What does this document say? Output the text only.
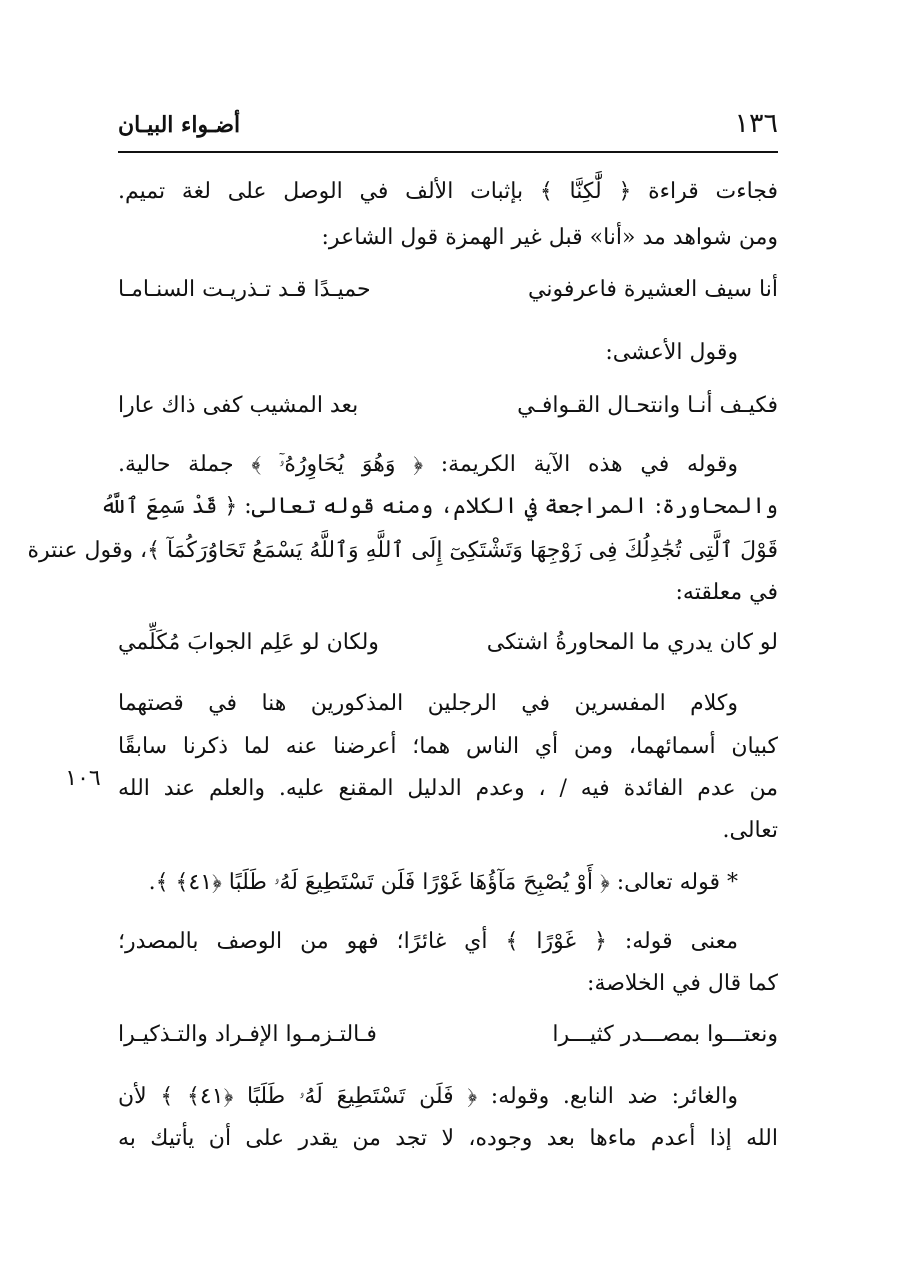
١٣٦
أضـواء البيـان
١٠٦
فجاءت قراءة ﴿ لَّٰكِنَّا ﴾ بإثبات الألف في الوصل على لغة تميم.
ومن شواهد مد «أنا» قبل غير الهمزة قول الشاعر:
أنا سيف العشيرة فاعرفوني
حميـدًا قـد تـذريـت السنـامـا
وقول الأعشى:
فكيـف أنـا وانتحـال القـوافـي
بعد المشيب كفى ذاك عارا
وقوله في هذه الآية الكريمة: ﴿ وَهُوَ يُحَاوِرُهُۥٓ ﴾ جملة حالية.
والمحاورة: المراجعة في الكلام، ومنه قوله تعالى: ﴿ قَدْ سَمِعَ ٱللَّهُ
قَوْلَ ٱلَّتِى تُجَٰدِلُكَ فِى زَوْجِهَا وَتَشْتَكِىٓ إِلَى ٱللَّهِ وَٱللَّهُ يَسْمَعُ تَحَاوُرَكُمَآ ﴾، وقول عنترة
في معلقته:
لو كان يدري ما المحاورةُ اشتكى
ولكان لو عَلِم الجوابَ مُكَلِّمي
وكلام المفسرين في الرجلين المذكورين هنا في قصتهما
كبيان أسمائهما، ومن أي الناس هما؛ أعرضنا عنه لما ذكرنا سابقًا
من عدم الفائدة فيه / ، وعدم الدليل المقنع عليه. والعلم عند الله
تعالى.
* قوله تعالى: ﴿ أَوْ يُصْبِحَ مَآؤُهَا غَوْرًا فَلَن تَسْتَطِيعَ لَهُۥ طَلَبًا ﴿٤١﴾ ﴾.
معنى قوله: ﴿ غَوْرًا ﴾ أي غائرًا؛ فهو من الوصف بالمصدر؛
كما قال في الخلاصة:
ونعتـــوا بمصـــدر كثيـــرا
فـالتـزمـوا الإفـراد والتـذكيـرا
والغائر: ضد النابع. وقوله: ﴿ فَلَن تَسْتَطِيعَ لَهُۥ طَلَبًا ﴿٤١﴾ ﴾ لأن
الله إذا أعدم ماءها بعد وجوده، لا تجد من يقدر على أن يأتيك به
